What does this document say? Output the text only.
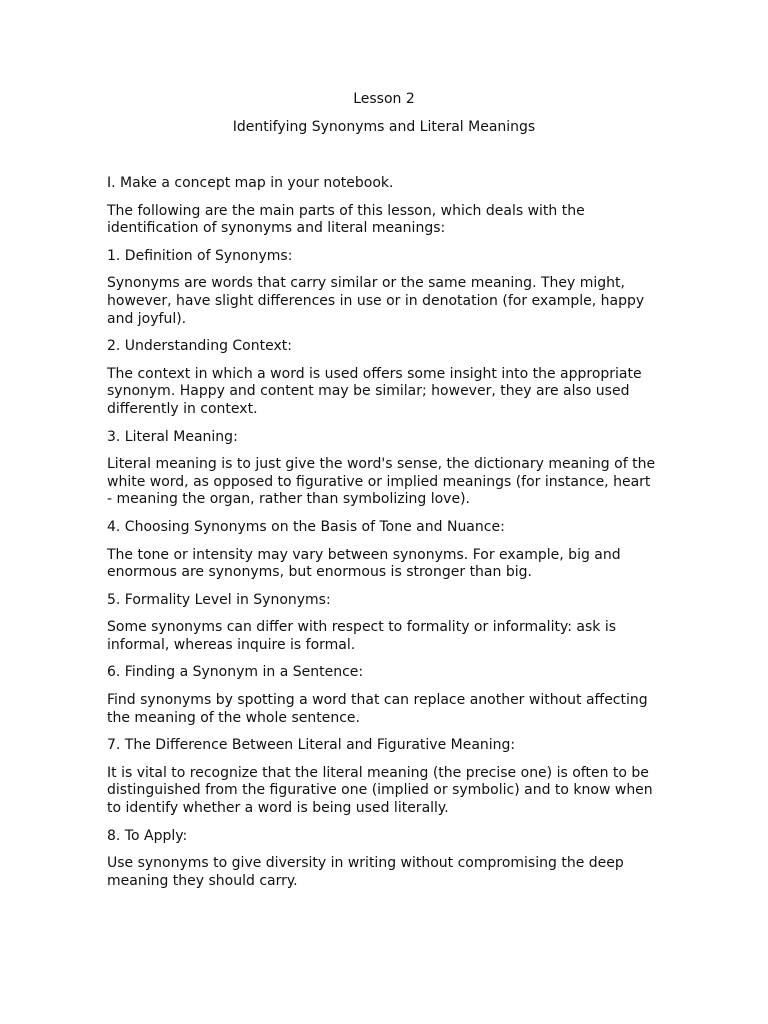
Lesson 2
Identifying Synonyms and Literal Meanings

I. Make a concept map in your notebook.

The following are the main parts of this lesson, which deals with the identification of synonyms and literal meanings:

1. Definition of Synonyms:

Synonyms are words that carry similar or the same meaning. They might, however, have slight differences in use or in denotation (for example, happy and joyful).

2. Understanding Context:

The context in which a word is used offers some insight into the appropriate synonym. Happy and content may be similar; however, they are also used differently in context.

3. Literal Meaning:

Literal meaning is to just give the word's sense, the dictionary meaning of the white word, as opposed to figurative or implied meanings (for instance, heart - meaning the organ, rather than symbolizing love).

4. Choosing Synonyms on the Basis of Tone and Nuance:

The tone or intensity may vary between synonyms. For example, big and enormous are synonyms, but enormous is stronger than big.

5. Formality Level in Synonyms:

Some synonyms can differ with respect to formality or informality: ask is informal, whereas inquire is formal.

6. Finding a Synonym in a Sentence:

Find synonyms by spotting a word that can replace another without affecting the meaning of the whole sentence.

7. The Difference Between Literal and Figurative Meaning:

It is vital to recognize that the literal meaning (the precise one) is often to be distinguished from the figurative one (implied or symbolic) and to know when to identify whether a word is being used literally.

8. To Apply:

Use synonyms to give diversity in writing without compromising the deep meaning they should carry.
